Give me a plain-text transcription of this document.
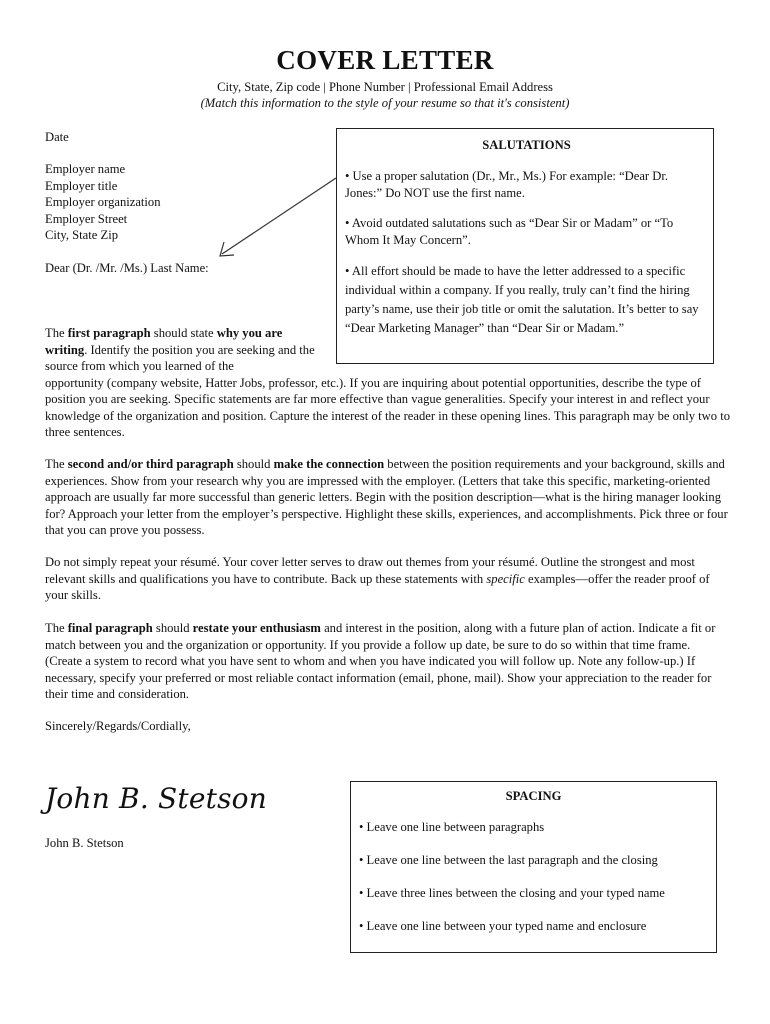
COVER LETTER
City, State, Zip code | Phone Number | Professional Email Address
(Match this information to the style of your resume so that it's consistent)
Date
Employer name
Employer title
Employer organization
Employer Street
City, State Zip
Dear (Dr. /Mr. /Ms.) Last Name:
SALUTATIONS
• Use a proper salutation (Dr., Mr., Ms.) For example: “Dear Dr. Jones:” Do NOT use the first name.
• Avoid outdated salutations such as “Dear Sir or Madam” or “To Whom It May Concern”.
• All effort should be made to have the letter addressed to a specific individual within a company. If you really, truly can’t find the hiring party’s name, use their job title or omit the salutation. It’s better to say “Dear Marketing Manager” than “Dear Sir or Madam.”
The first paragraph should state why you are writing. Identify the position you are seeking and the source from which you learned of the
opportunity (company website, Hatter Jobs, professor, etc.). If you are inquiring about potential opportunities, describe the type of position you are seeking. Specific statements are far more effective than vague generalities. Specify your interest in and reflect your knowledge of the organization and position. Capture the interest of the reader in these opening lines. This paragraph may be only two to three sentences.
The second and/or third paragraph should make the connection between the position requirements and your background, skills and experiences. Show from your research why you are impressed with the employer. (Letters that take this specific, marketing-oriented approach are usually far more successful than generic letters. Begin with the position description—what is the hiring manager looking for? Approach your letter from the employer’s perspective. Highlight these skills, experiences, and accomplishments. Pick three or four that you can prove you possess.
Do not simply repeat your résumé. Your cover letter serves to draw out themes from your résumé. Outline the strongest and most relevant skills and qualifications you have to contribute. Back up these statements with specific examples—offer the reader proof of your skills.
The final paragraph should restate your enthusiasm and interest in the position, along with a future plan of action. Indicate a fit or match between you and the organization or opportunity. If you provide a follow up date, be sure to do so within that time frame. (Create a system to record what you have sent to whom and when you have indicated you will follow up. Note any follow-up.) If necessary, specify your preferred or most reliable contact information (email, phone, mail). Show your appreciation to the reader for their time and consideration.
Sincerely/Regards/Cordially,
John B. Stetson
John B. Stetson
SPACING
• Leave one line between paragraphs
• Leave one line between the last paragraph and the closing
• Leave three lines between the closing and your typed name
• Leave one line between your typed name and enclosure
